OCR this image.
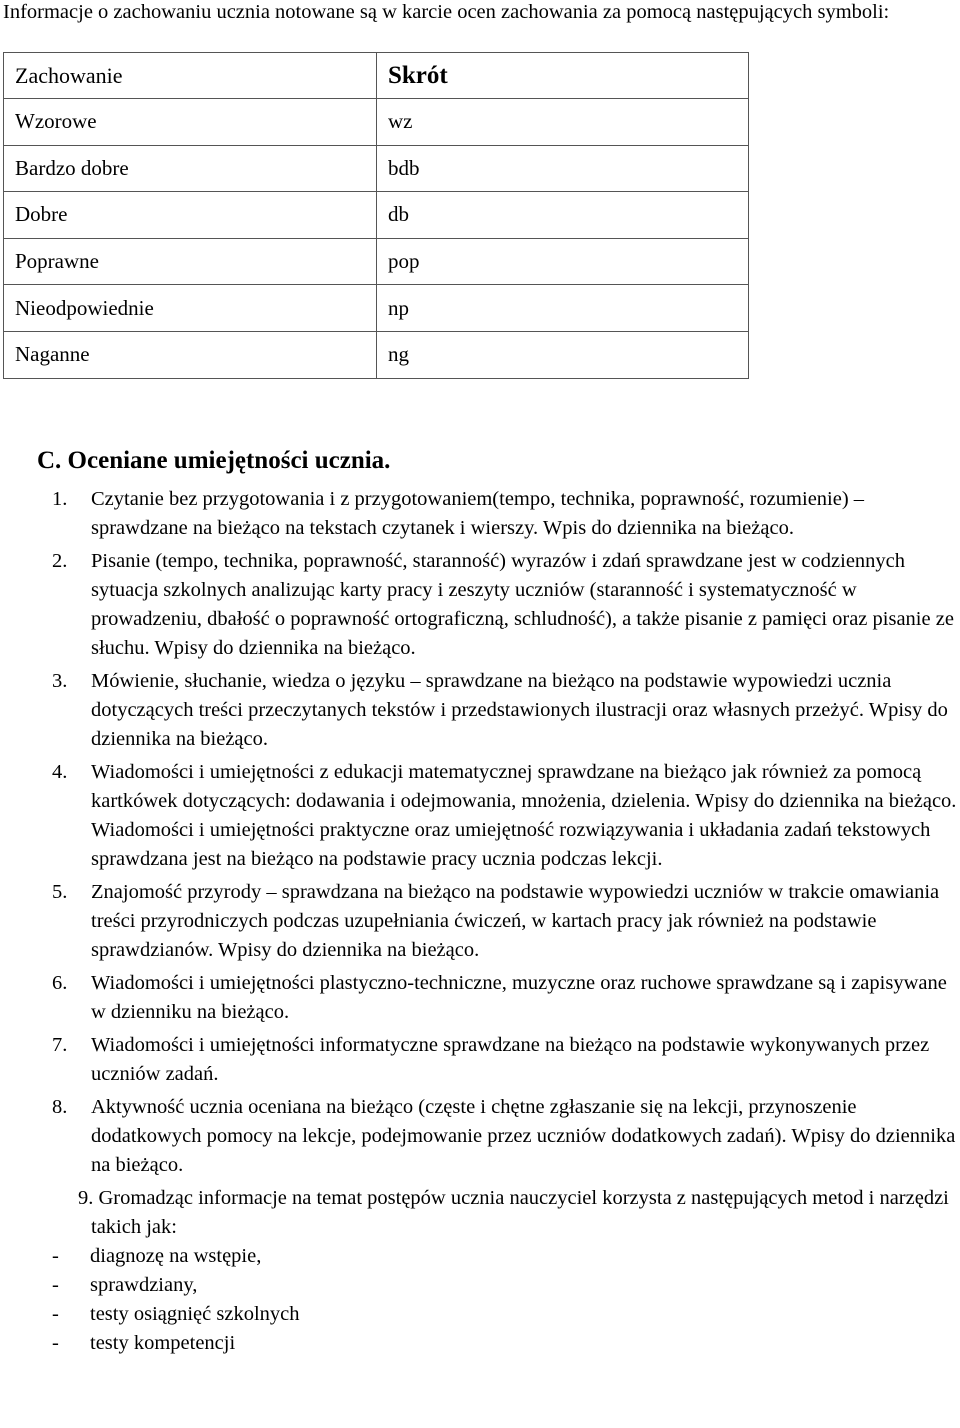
Informacje o zachowaniu ucznia notowane są w karcie ocen zachowania za pomocą następujących symboli:
Zachowanie	Skrót
Wzorowe	wz
Bardzo dobre	bdb
Dobre	db
Poprawne	pop
Nieodpowiednie	np
Naganne	ng
C. Oceniane umiejętności ucznia.
1. Czytanie bez przygotowania i z przygotowaniem(tempo, technika, poprawność, rozumienie) – sprawdzane na bieżąco na tekstach czytanek i wierszy. Wpis do dziennika na bieżąco.
2. Pisanie (tempo, technika, poprawność, staranność) wyrazów i zdań sprawdzane jest w codziennych sytuacja szkolnych analizując karty pracy i zeszyty uczniów (staranność i systematyczność w prowadzeniu, dbałość o poprawność ortograficzną, schludność), a także pisanie z pamięci oraz pisanie ze słuchu. Wpisy do dziennika na bieżąco.
3. Mówienie, słuchanie, wiedza o języku – sprawdzane na bieżąco na podstawie wypowiedzi ucznia dotyczących treści przeczytanych tekstów i przedstawionych ilustracji oraz własnych przeżyć. Wpisy do dziennika na bieżąco.
4. Wiadomości i umiejętności z edukacji matematycznej sprawdzane na bieżąco jak również za pomocą kartkówek dotyczących: dodawania i odejmowania, mnożenia, dzielenia. Wpisy do dziennika na bieżąco. Wiadomości i umiejętności praktyczne oraz umiejętność rozwiązywania i układania zadań tekstowych sprawdzana jest na bieżąco na podstawie pracy ucznia podczas lekcji.
5. Znajomość przyrody – sprawdzana na bieżąco na podstawie wypowiedzi uczniów w trakcie omawiania treści przyrodniczych podczas uzupełniania ćwiczeń, w kartach pracy jak również na podstawie sprawdzianów. Wpisy do dziennika na bieżąco.
6. Wiadomości i umiejętności plastyczno-techniczne, muzyczne oraz ruchowe sprawdzane są i zapisywane w dzienniku na bieżąco.
7. Wiadomości i umiejętności informatyczne sprawdzane na bieżąco na podstawie wykonywanych przez uczniów zadań.
8. Aktywność ucznia oceniana na bieżąco (częste i chętne zgłaszanie się na lekcji, przynoszenie dodatkowych pomocy na lekcje, podejmowanie przez uczniów dodatkowych zadań). Wpisy do dziennika na bieżąco.
9. Gromadząc informacje na temat postępów ucznia nauczyciel korzysta z następujących metod i narzędzi takich jak:
- diagnozę na wstępie,
- sprawdziany,
- testy osiągnięć szkolnych
- testy kompetencji
